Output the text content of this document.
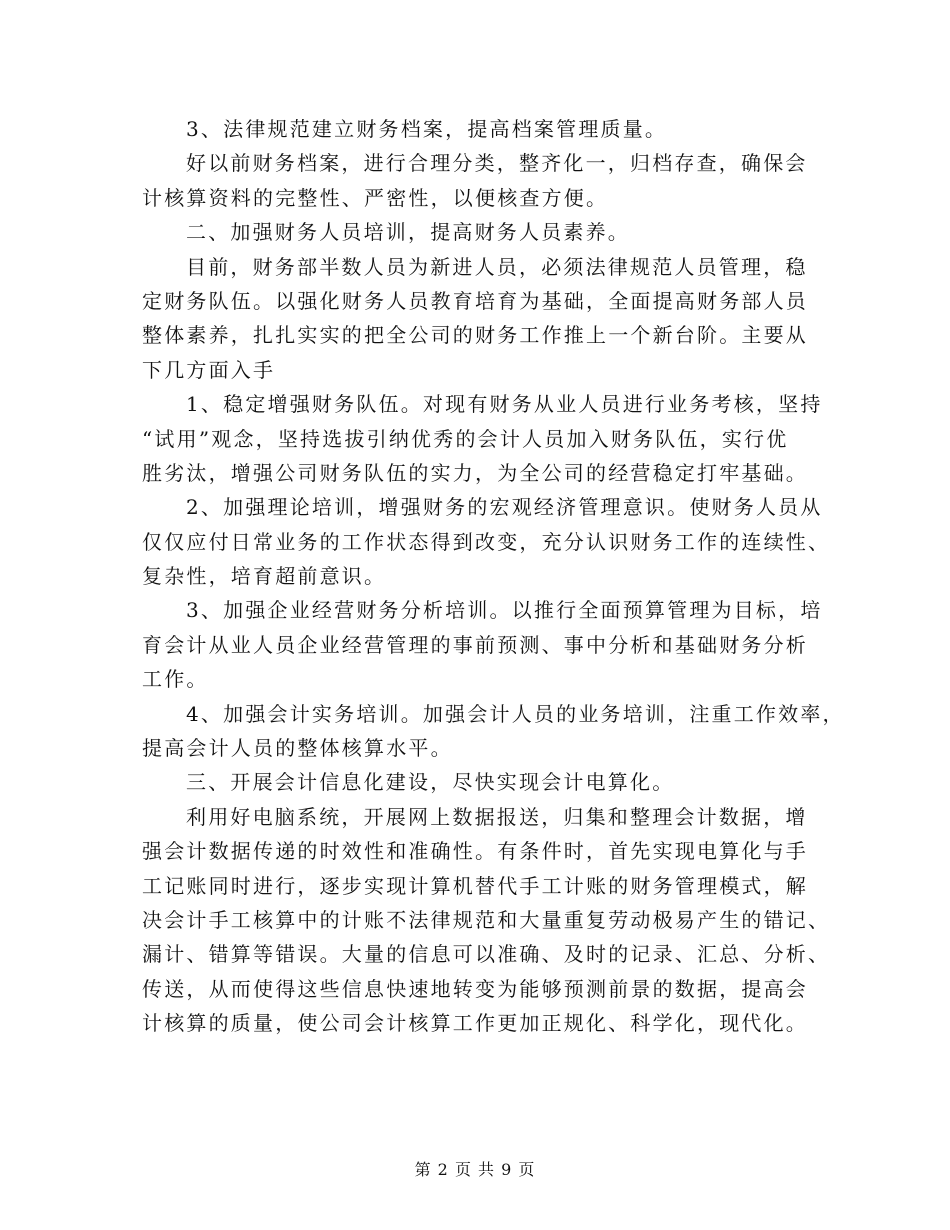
3、法律规范建立财务档案，提高档案管理质量。
好以前财务档案，进行合理分类，整齐化一，归档存查，确保会
计核算资料的完整性、严密性，以便核查方便。
二、加强财务人员培训，提高财务人员素养。
目前，财务部半数人员为新进人员，必须法律规范人员管理，稳
定财务队伍。以强化财务人员教育培育为基础，全面提高财务部人员
整体素养，扎扎实实的把全公司的财务工作推上一个新台阶。主要从
下几方面入手
1、稳定增强财务队伍。对现有财务从业人员进行业务考核，坚持
“试用”观念，坚持选拔引纳优秀的会计人员加入财务队伍，实行优
胜劣汰，增强公司财务队伍的实力，为全公司的经营稳定打牢基础。
2、加强理论培训，增强财务的宏观经济管理意识。使财务人员从
仅仅应付日常业务的工作状态得到改变，充分认识财务工作的连续性、
复杂性，培育超前意识。
3、加强企业经营财务分析培训。以推行全面预算管理为目标，培
育会计从业人员企业经营管理的事前预测、事中分析和基础财务分析
工作。
4、加强会计实务培训。加强会计人员的业务培训，注重工作效率，
提高会计人员的整体核算水平。
三、开展会计信息化建设，尽快实现会计电算化。
利用好电脑系统，开展网上数据报送，归集和整理会计数据，增
强会计数据传递的时效性和准确性。有条件时，首先实现电算化与手
工记账同时进行，逐步实现计算机替代手工计账的财务管理模式，解
决会计手工核算中的计账不法律规范和大量重复劳动极易产生的错记、
漏计、错算等错误。大量的信息可以准确、及时的记录、汇总、分析、
传送，从而使得这些信息快速地转变为能够预测前景的数据，提高会
计核算的质量，使公司会计核算工作更加正规化、科学化，现代化。
第 2 页 共 9 页
